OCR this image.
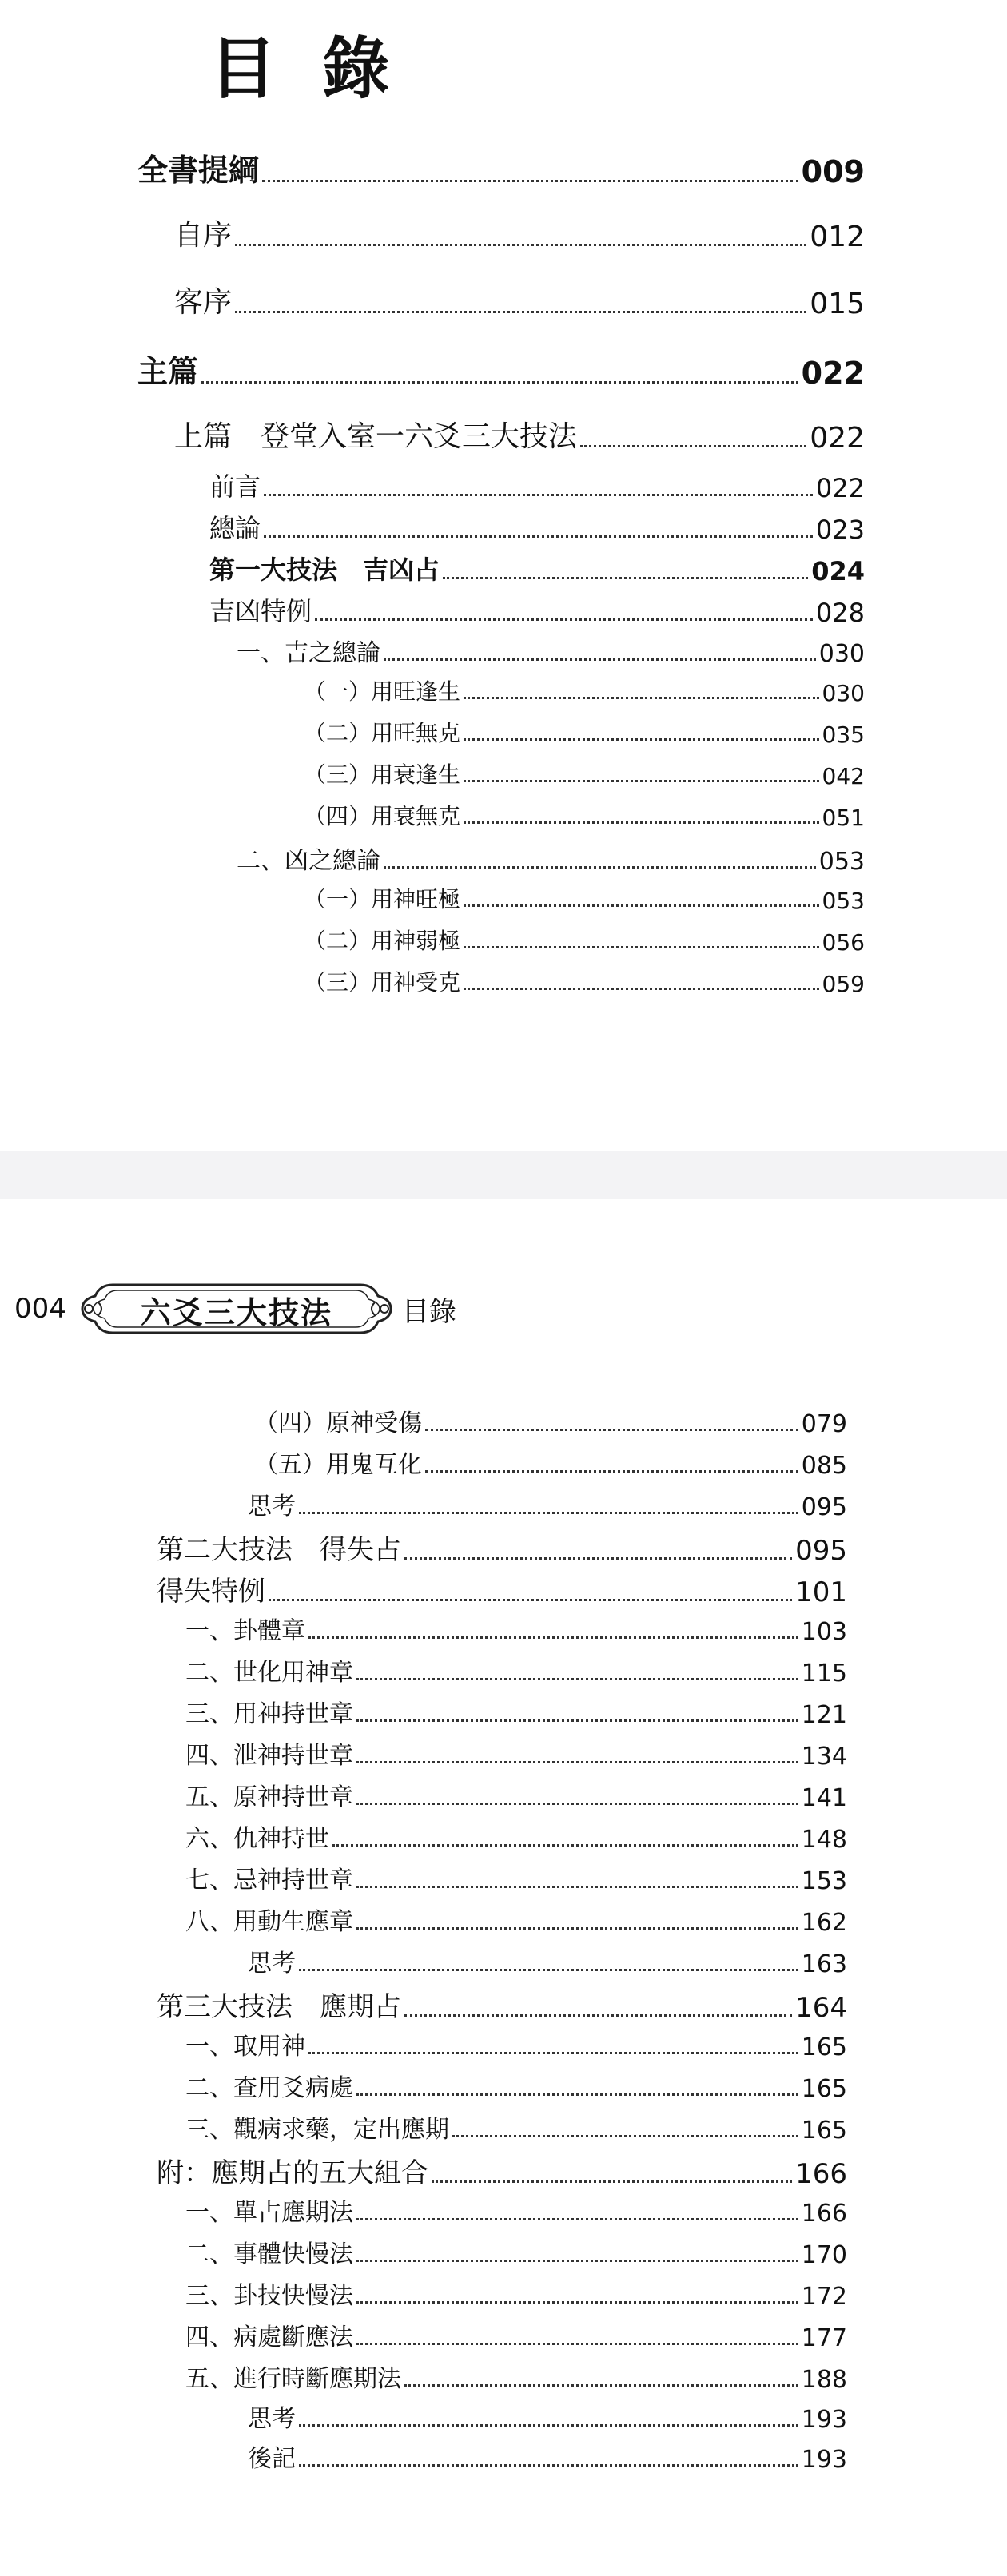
目 錄
全書提綱	009
自序	012
客序	015
主篇	022
上篇　登堂入室一六爻三大技法	022
前言	022
總論	023
第一大技法　吉凶占	024
吉凶特例	028
一、吉之總論	030
（一）用旺逢生	030
（二）用旺無克	035
（三）用衰逢生	042
（四）用衰無克	051
二、凶之總論	053
（一）用神旺極	053
（二）用神弱極	056
（三）用神受克	059
004	六爻三大技法	目錄
（四）原神受傷	079
（五）用鬼互化	085
思考	095
第二大技法　得失占	095
得失特例	101
一、卦體章	103
二、世化用神章	115
三、用神持世章	121
四、泄神持世章	134
五、原神持世章	141
六、仇神持世	148
七、忌神持世章	153
八、用動生應章	162
思考	163
第三大技法　應期占	164
一、取用神	165
二、查用爻病處	165
三、觀病求藥，定出應期	165
附：應期占的五大組合	166
一、單占應期法	166
二、事體快慢法	170
三、卦技快慢法	172
四、病處斷應法	177
五、進行時斷應期法	188
思考	193
後記	193
